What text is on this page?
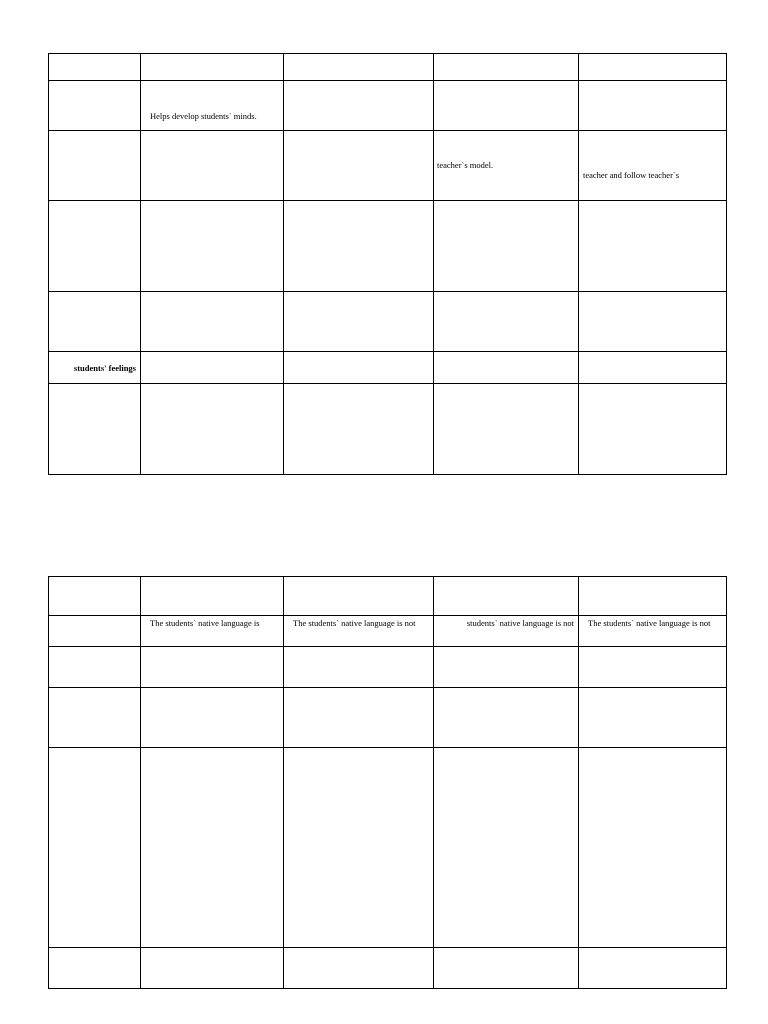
	Helps develop students` minds.			

			teacher`s model.	teacher and follow teacher`s

students' feelings				

	The students` native language is	The students` native language is not	students` native language is not	The students` native language is not
